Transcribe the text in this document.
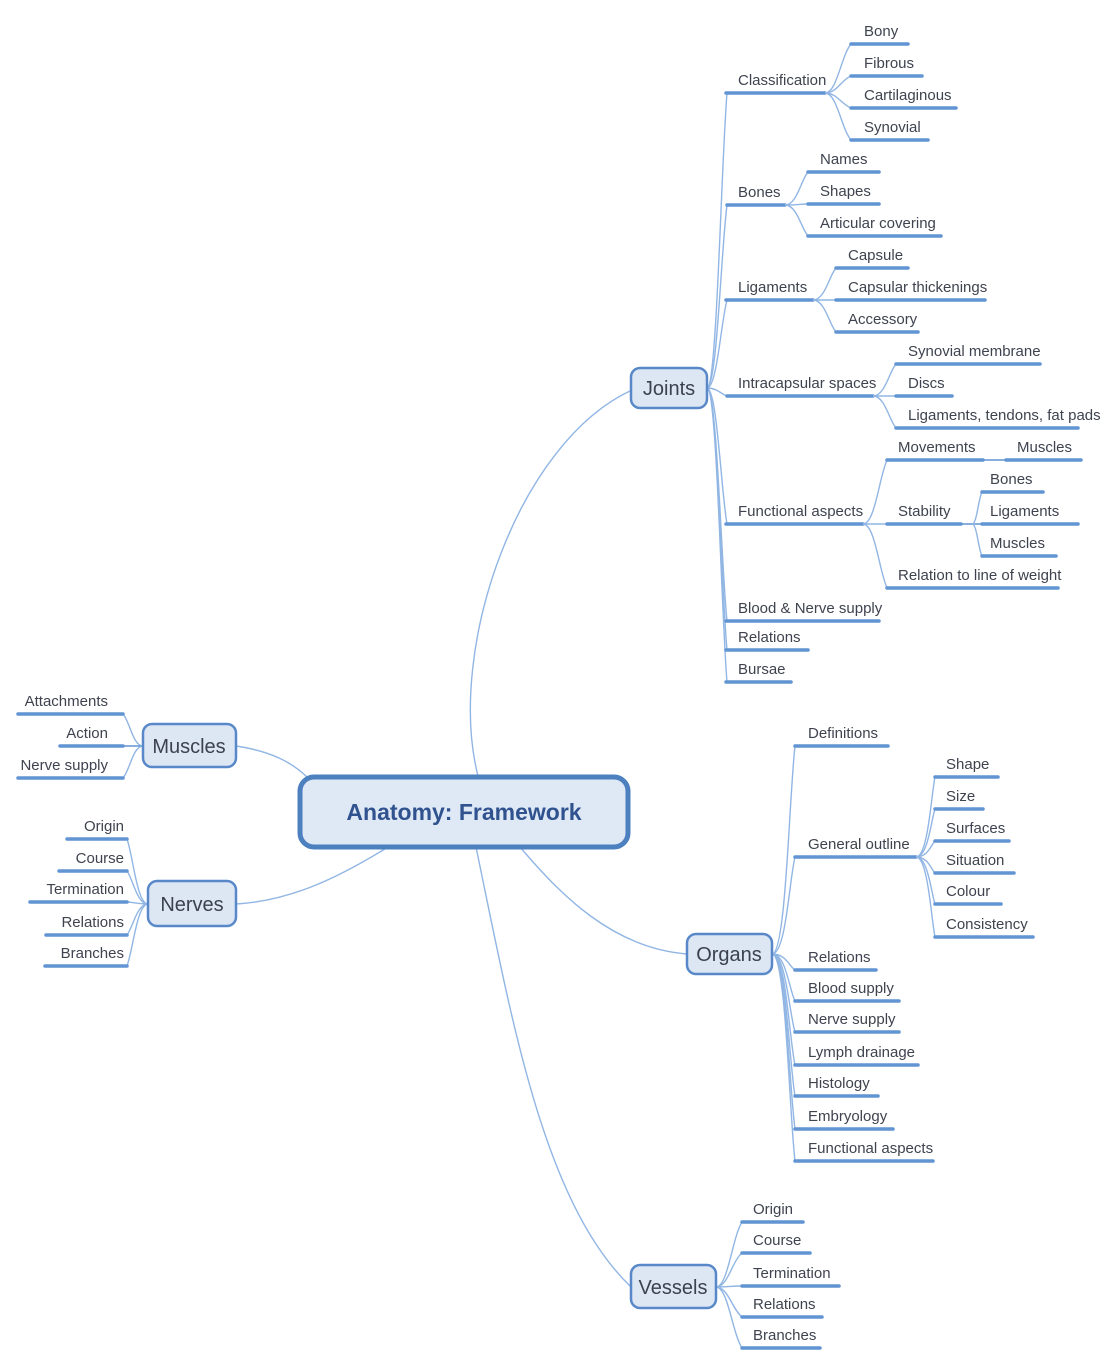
Classification
Bony
Fibrous
Cartilaginous
Synovial
Bones
Names
Shapes
Articular covering
Ligaments
Capsule
Capsular thickenings
Accessory
Intracapsular spaces
Synovial membrane
Discs
Ligaments, tendons, fat pads
Functional aspects
Movements	Muscles
Stability
Bones
Ligaments
Muscles
Relation to line of weight
Blood & Nerve supply
Relations
Bursae
Attachments
Action
Nerve supply
Origin
Course
Termination
Relations
Branches
Definitions
General outline
Shape
Size
Surfaces
Situation
Colour
Consistency
Relations
Blood supply
Nerve supply
Lymph drainage
Histology
Embryology
Functional aspects
Origin
Course
Termination
Relations
Branches
Joints
Muscles
Nerves
Organs
Vessels
Anatomy: Framework
